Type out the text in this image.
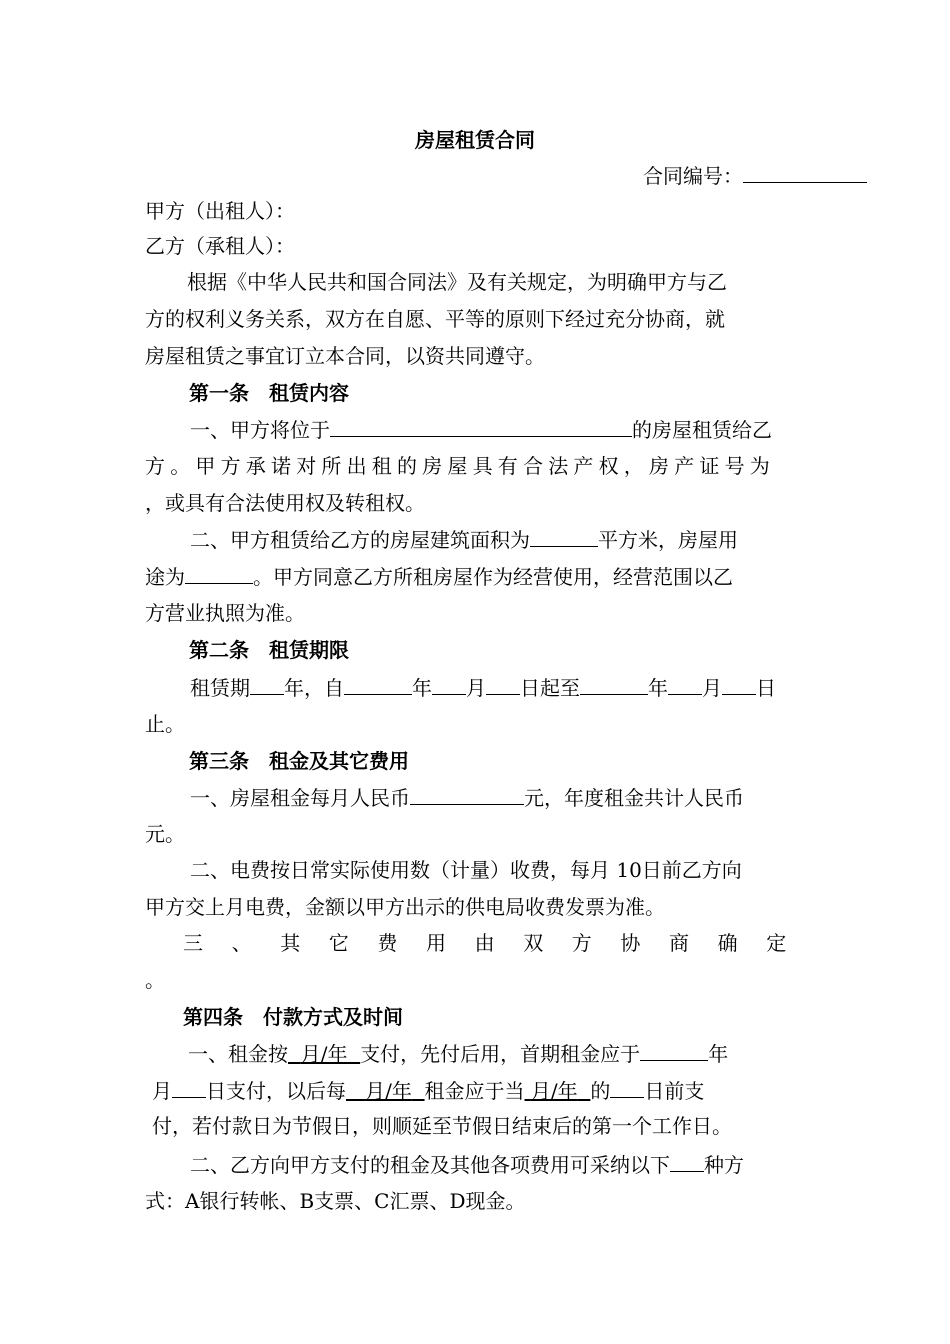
房屋租赁合同
合同编号：
甲方（出租人）：
乙方（承租人）：
根据《中华人民共和国合同法》及有关规定，为明确甲方与乙
方的权利义务关系，双方在自愿、平等的原则下经过充分协商，就
房屋租赁之事宜订立本合同，以资共同遵守。
第一条　租赁内容
一、甲方将位于	的房屋租赁给乙
方。甲方承诺对所出租的房屋具有合法产权，房产证号为
，或具有合法使用权及转租权。
二、甲方租赁给乙方的房屋建筑面积为	平方米，房屋用
途为	。甲方同意乙方所租房屋作为经营使用，经营范围以乙
方营业执照为准。
第二条　租赁期限
租赁期 年，自	年 月 日起至	年 月 日
止。
第三条　租金及其它费用
一、房屋租金每月人民币	元，年度租金共计人民币
元。
二、电费按日常实际使用数（计量）收费，每月 10日前乙方向
甲方交上月电费，金额以甲方出示的供电局收费发票为准。
三、其它费用由双方协商确定
。
第四条　付款方式及时间
一、租金按 月/年 支付，先付后用，首期租金应于	年
月 日支付，以后每 月/年 租金应于当 月/年 的 日前支
付，若付款日为节假日，则顺延至节假日结束后的第一个工作日。
二、乙方向甲方支付的租金及其他各项费用可采纳以下 种方
式：A银行转帐、B支票、C汇票、D现金。
